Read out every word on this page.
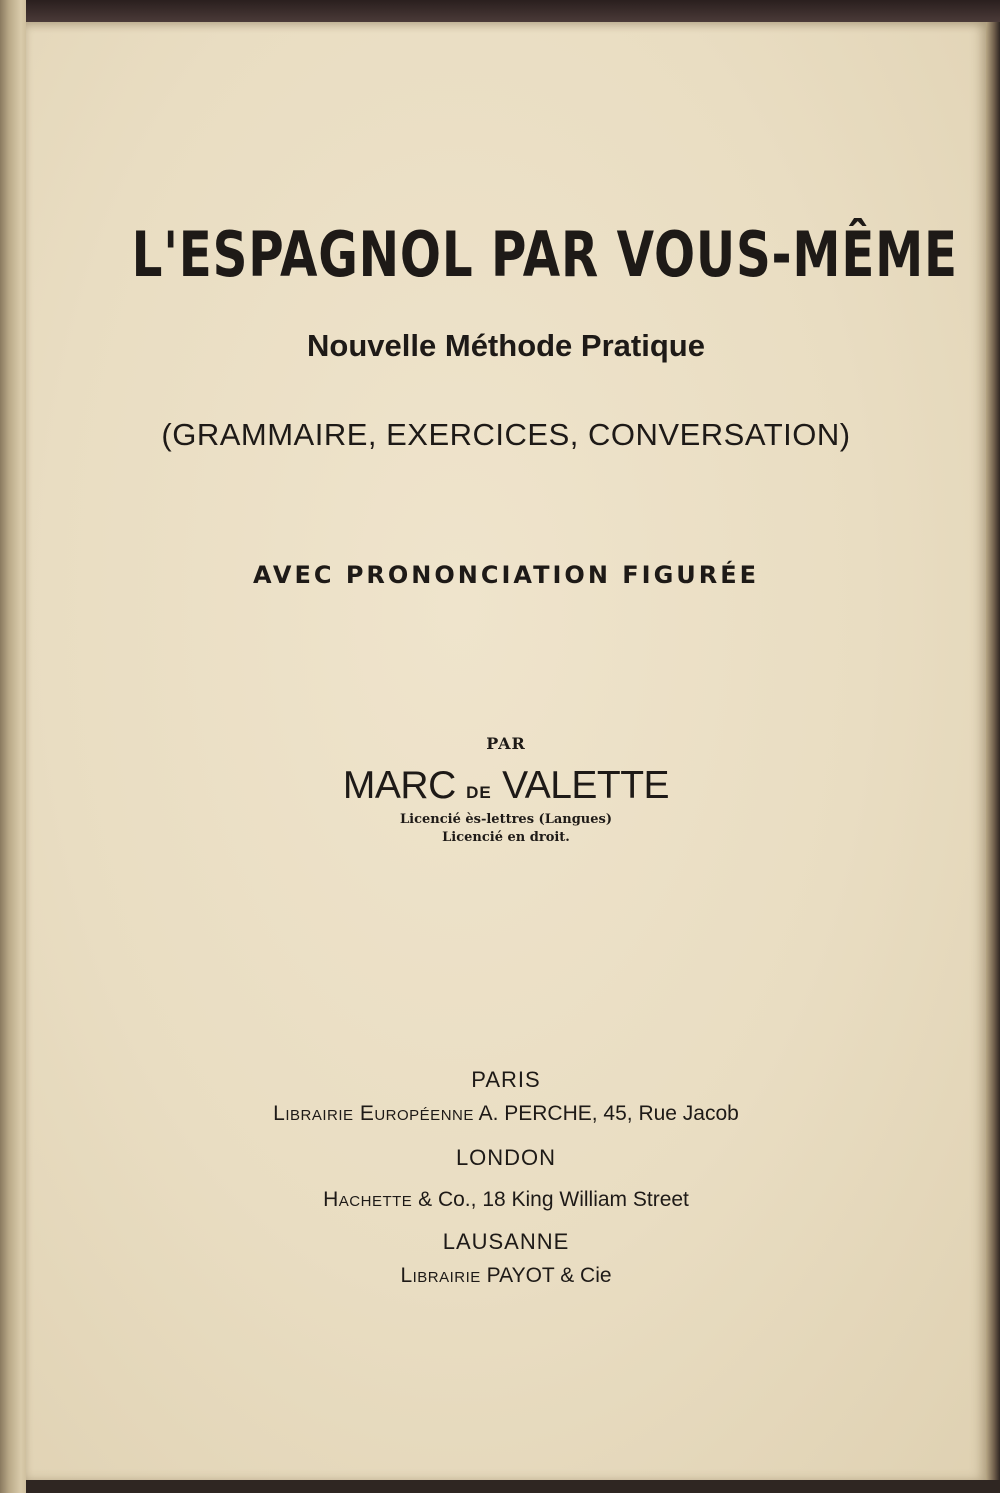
L'ESPAGNOL PAR VOUS-MÊME
Nouvelle Méthode Pratique
(GRAMMAIRE, EXERCICES, CONVERSATION)
AVEC PRONONCIATION FIGURÉE
PAR
MARC DE VALETTE
Licencié ès-lettres (Langues)
Licencié en droit.
PARIS
Librairie Européenne A. PERCHE, 45, Rue Jacob
LONDON
Hachette & Co., 18 King William Street
LAUSANNE
Librairie PAYOT & Cie
